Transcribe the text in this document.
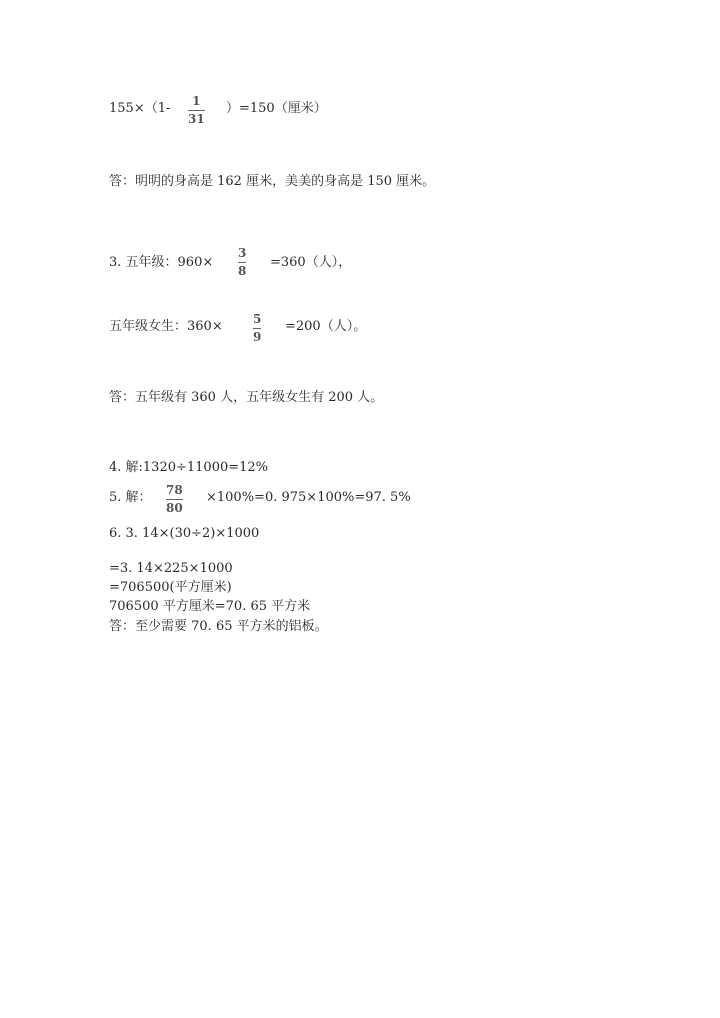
155×（1- 1
31
）=150（厘米）
答：明明的身高是 162 厘米，美美的身高是 150 厘米。
3. 五年级：960×
3
8
=360（人），
五年级女生：360×	5
9
=200（人）。
答：五年级有 360 人，五年级女生有 200 人。
4. 解:1320÷11000=12%
5. 解： 78
80
×100%=0. 975×100%=97. 5%
6. 3. 14×(30÷2)×1000
=3. 14×225×1000
=706500(平方厘米)
706500 平方厘米=70. 65 平方米
答：至少需要 70. 65 平方米的铝板。
